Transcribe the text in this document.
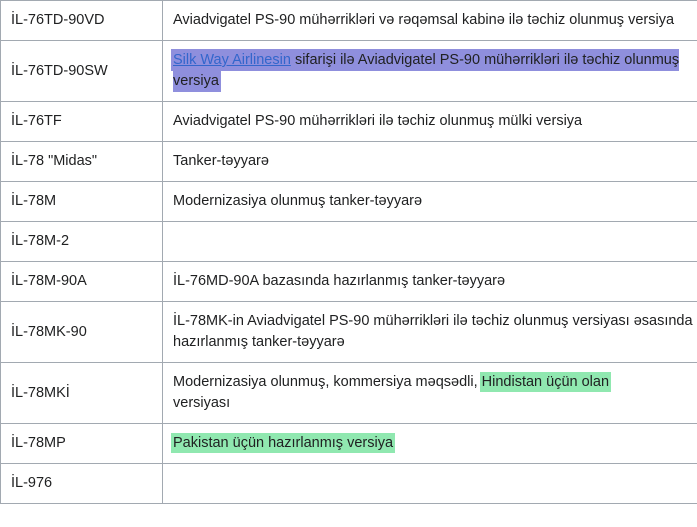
İL-76TD-90VD	Aviadvigatel PS-90 mühərrikləri və rəqəmsal kabinə ilə təchiz olunmuş versiya

İL-76TD-90SW	Silk Way Airlinesin sifarişi ilə Aviadvigatel PS-90 mühərrikləri ilə təchiz olunmuş versiya
İL-76TF	Aviadvigatel PS-90 mühərrikləri ilə təchiz olunmuş mülki versiya

İL-78 "Midas"	Tanker-təyyarə

İL-78M	Modernizasiya olunmuş tanker-təyyarə

İL-78M-2	

İL-78M-90A	İL-76MD-90A bazasında hazırlanmış tanker-təyyarə

İL-78MK-90	İL-78MK-in Aviadvigatel PS-90 mühərrikləri ilə təchiz olunmuş versiyası əsasında hazırlanmış tanker-təyyarə

İL-78MKİ	Modernizasiya olunmuş, kommersiya məqsədli, Hindistan üçün olan
versiyası
İL-78MP	Pakistan üçün hazırlanmış versiya
İL-976	
